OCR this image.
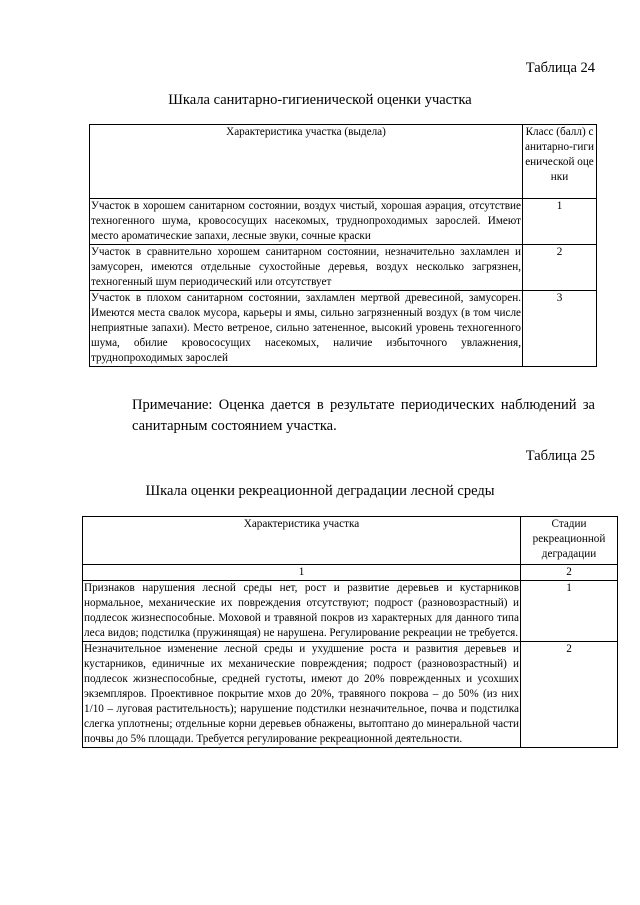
Таблица 24
Шкала санитарно-гигиенической оценки участка
Характеристика участка (выдела)	Класс (балл) санитарно-гигиенической оценки

Участок в хорошем санитарном состоянии, воздух чистый, хорошая аэрация, отсутствие техногенного шума, кровососущих насекомых, труднопроходимых зарослей. Имеют место ароматические запахи, лесные звуки, сочные краски	1
Участок в сравнительно хорошем санитарном состоянии, незначительно захламлен и замусорен, имеются отдельные сухостойные деревья, воздух несколько загрязнен, техногенный шум периодический или отсутствует	2
Участок в плохом санитарном состоянии, захламлен мертвой древесиной, замусорен. Имеются места свалок мусора, карьеры и ямы, сильно загрязненный воздух (в том числе неприятные запахи). Место ветреное, сильно затененное, высокий уровень техногенного шума, обилие кровососущих насекомых, наличие избыточного увлажнения, труднопроходимых зарослей	3
Примечание: Оценка дается в результате периодических наблюдений за санитарным состоянием участка.
Таблица 25
Шкала оценки рекреационной деградации лесной среды
Характеристика участка	Стадии рекреационной деградации
1	2
Признаков нарушения лесной среды нет, рост и развитие деревьев и кустарников нормальное, механические их повреждения отсутствуют; подрост (разновозрастный) и подлесок жизнеспособные. Моховой и травяной покров из характерных для данного типа леса видов; подстилка (пружинящая) не нарушена. Регулирование рекреации не требуется.	1
Незначительное изменение лесной среды и ухудшение роста и развития деревьев и кустарников, единичные их механические повреждения; подрост (разновозрастный) и подлесок жизнеспособные, средней густоты, имеют до 20% поврежденных и усохших экземпляров. Проективное покрытие мхов до 20%, травяного покрова – до 50% (из них 1/10 – луговая растительность); нарушение подстилки незначительное, почва и подстилка слегка уплотнены; отдельные корни деревьев обнажены, вытоптано до минеральной части почвы до 5% площади. Требуется регулирование рекреационной деятельности.	2
